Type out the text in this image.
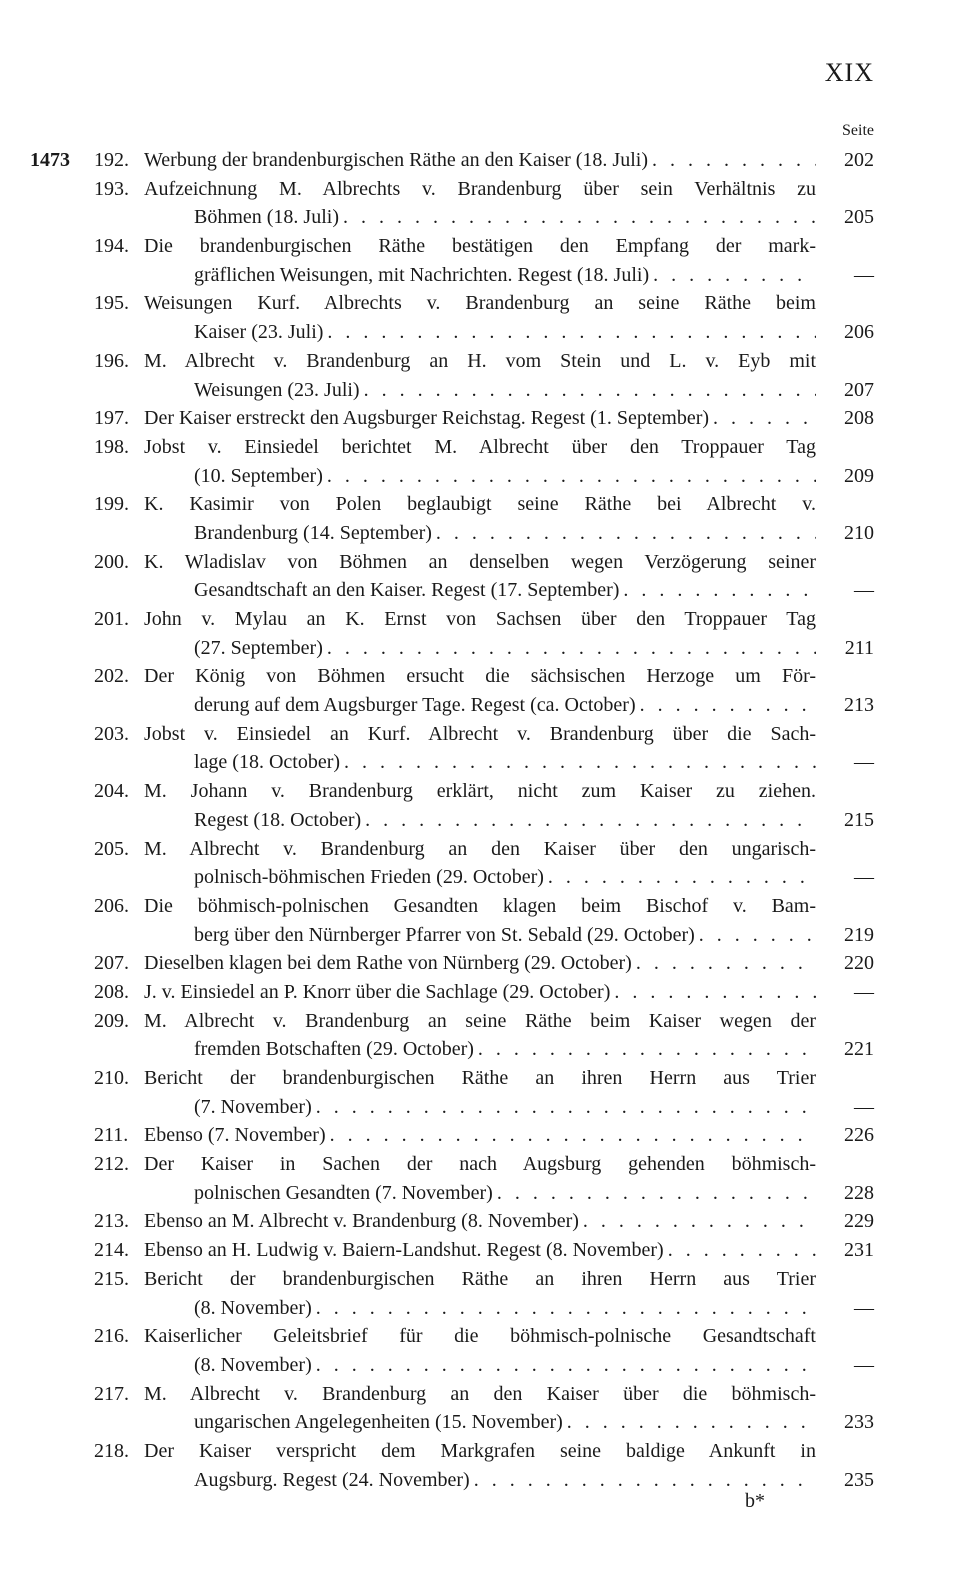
XIX
Seite
1473 192. Werbung der brandenburgischen Räthe an den Kaiser (18. Juli) . . .	202
193. Aufzeichnung M. Albrechts v. Brandenburg über sein Verhältnis zu
Böhmen (18. Juli) . . .	205
194. Die brandenburgischen Räthe bestätigen den Empfang der mark-
gräflichen Weisungen, mit Nachrichten. Regest (18. Juli) . . .	—
195. Weisungen Kurf. Albrechts v. Brandenburg an seine Räthe beim
Kaiser (23. Juli) . . .	206
196. M. Albrecht v. Brandenburg an H. vom Stein und L. v. Eyb mit
Weisungen (23. Juli) . . .	207
197. Der Kaiser erstreckt den Augsburger Reichstag. Regest (1. September) . . .	208
198. Jobst v. Einsiedel berichtet M. Albrecht über den Troppauer Tag
(10. September) . . .	209
199. K. Kasimir von Polen beglaubigt seine Räthe bei Albrecht v.
Brandenburg (14. September) . . .	210
200. K. Wladislav von Böhmen an denselben wegen Verzögerung seiner
Gesandtschaft an den Kaiser. Regest (17. September) . . .	—
201. John v. Mylau an K. Ernst von Sachsen über den Troppauer Tag
(27. September) . . .	211
202. Der König von Böhmen ersucht die sächsischen Herzoge um För-
derung auf dem Augsburger Tage. Regest (ca. October) . . .	213
203. Jobst v. Einsiedel an Kurf. Albrecht v. Brandenburg über die Sach-
lage (18. October) . . .	—
204. M. Johann v. Brandenburg erklärt, nicht zum Kaiser zu ziehen.
Regest (18. October) . . .	215
205. M. Albrecht v. Brandenburg an den Kaiser über den ungarisch-
polnisch-böhmischen Frieden (29. October) . . .	—
206. Die böhmisch-polnischen Gesandten klagen beim Bischof v. Bam-
berg über den Nürnberger Pfarrer von St. Sebald (29. October) . . .	219
207. Dieselben klagen bei dem Rathe von Nürnberg (29. October) . . .	220
208. J. v. Einsiedel an P. Knorr über die Sachlage (29. October) . . .	—
209. M. Albrecht v. Brandenburg an seine Räthe beim Kaiser wegen der
fremden Botschaften (29. October) . . .	221
210. Bericht der brandenburgischen Räthe an ihren Herrn aus Trier
(7. November) . . .	—
211. Ebenso (7. November) . . .	226
212. Der Kaiser in Sachen der nach Augsburg gehenden böhmisch-
polnischen Gesandten (7. November) . . .	228
213. Ebenso an M. Albrecht v. Brandenburg (8. November) . . .	229
214. Ebenso an H. Ludwig v. Baiern-Landshut. Regest (8. November) . . .	231
215. Bericht der brandenburgischen Räthe an ihren Herrn aus Trier
(8. November) . . .	—
216. Kaiserlicher Geleitsbrief für die böhmisch-polnische Gesandtschaft
(8. November) . . .	—
217. M. Albrecht v. Brandenburg an den Kaiser über die böhmisch-
ungarischen Angelegenheiten (15. November) . . .	233
218. Der Kaiser verspricht dem Markgrafen seine baldige Ankunft in
Augsburg. Regest (24. November) . . .	235
b*
